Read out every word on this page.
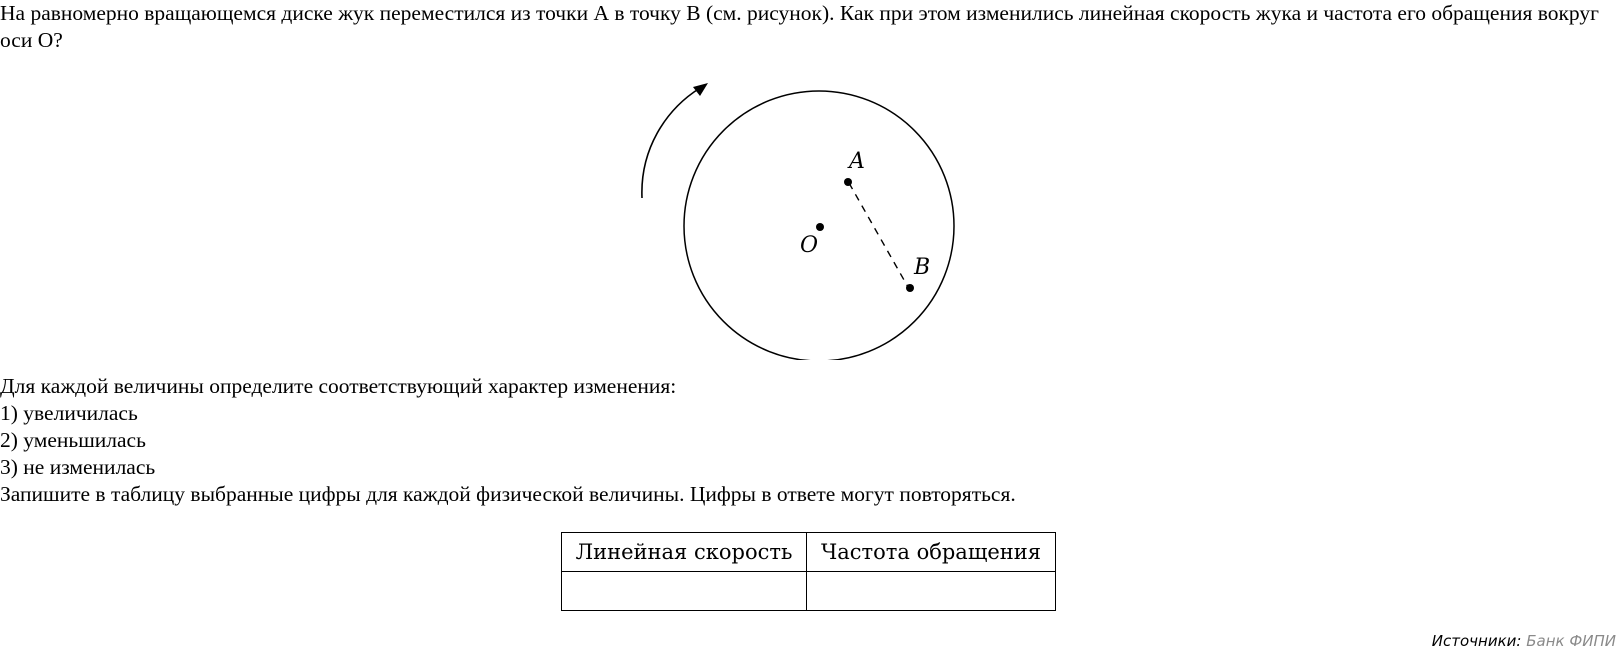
На равномерно вращающемся диске жук переместился из точки А в точку В (см. рисунок). Как при этом изменились линейная скорость жука и частота его обращения вокруг оси О?
A
O
B
Для каждой величины определите соответствующий характер изменения:
1) увеличилась
2) уменьшилась
3) не изменилась
Запишите в таблицу выбранные цифры для каждой физической величины. Цифры в ответе могут повторяться.
Линейная скорость	Частота обращения

Источники: Банк ФИПИ
